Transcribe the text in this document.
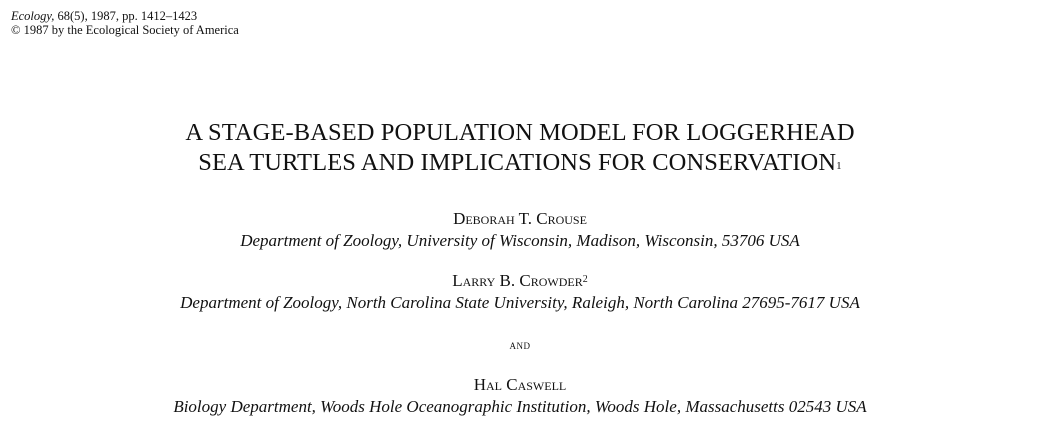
Ecology, 68(5), 1987, pp. 1412–1423
© 1987 by the Ecological Society of America
A STAGE-BASED POPULATION MODEL FOR LOGGERHEAD
SEA TURTLES AND IMPLICATIONS FOR CONSERVATION$^1$
Deborah T. Crouse
Department of Zoology, University of Wisconsin, Madison, Wisconsin, 53706 USA
Larry B. Crowder$^2$
Department of Zoology, North Carolina State University, Raleigh, North Carolina 27695-7617 USA
and
Hal Caswell
Biology Department, Woods Hole Oceanographic Institution, Woods Hole, Massachusetts 02543 USA
